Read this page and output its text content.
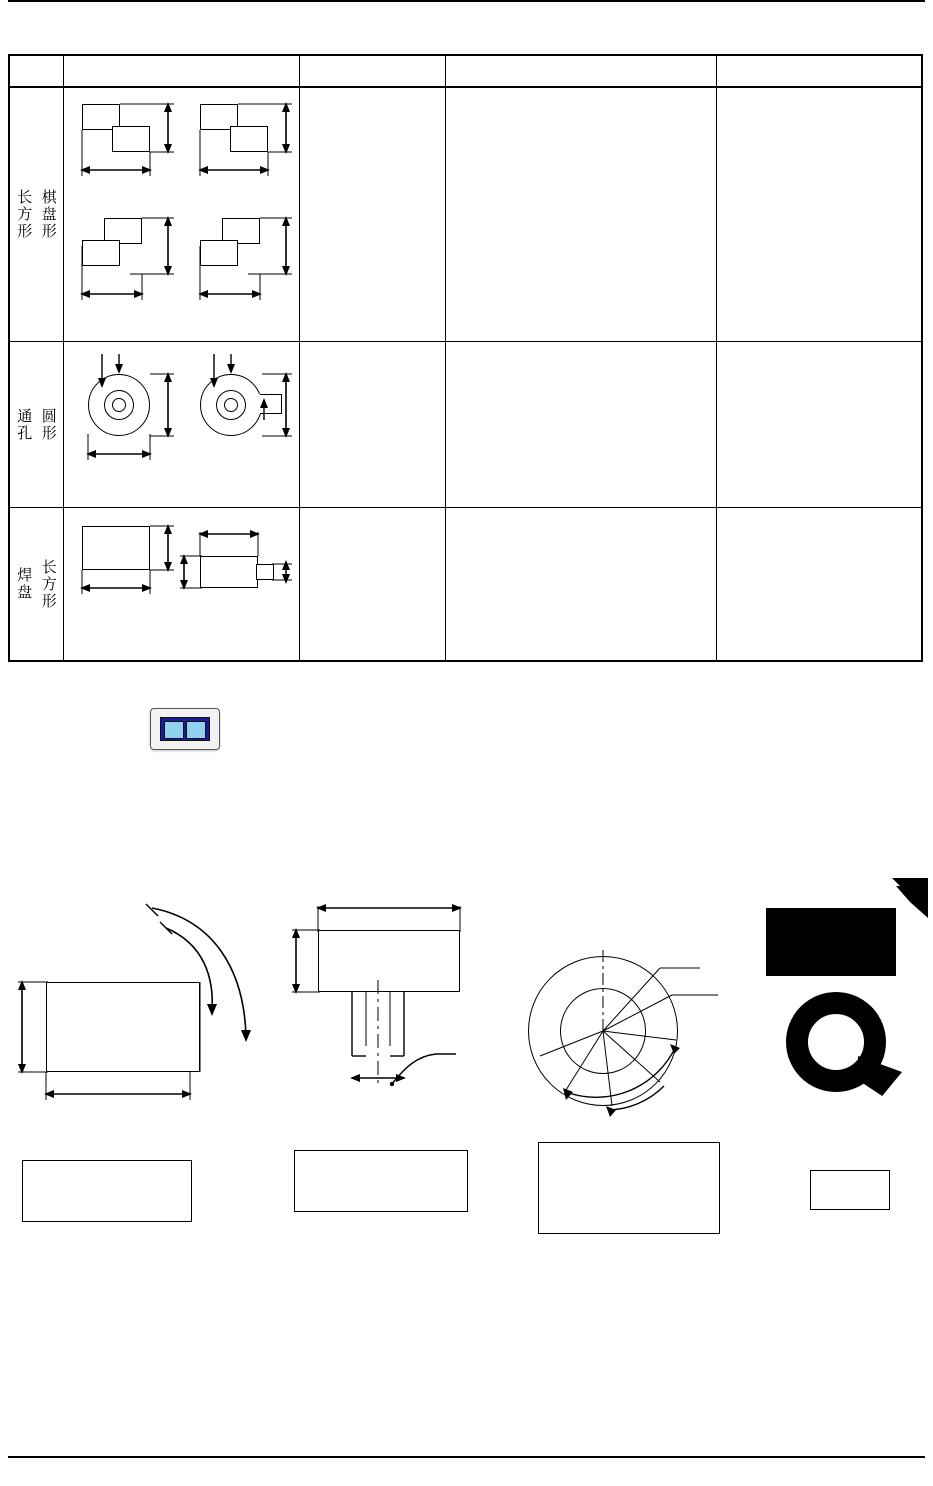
棋盘形
长方形

圆形
通孔

长方形
焊盘
